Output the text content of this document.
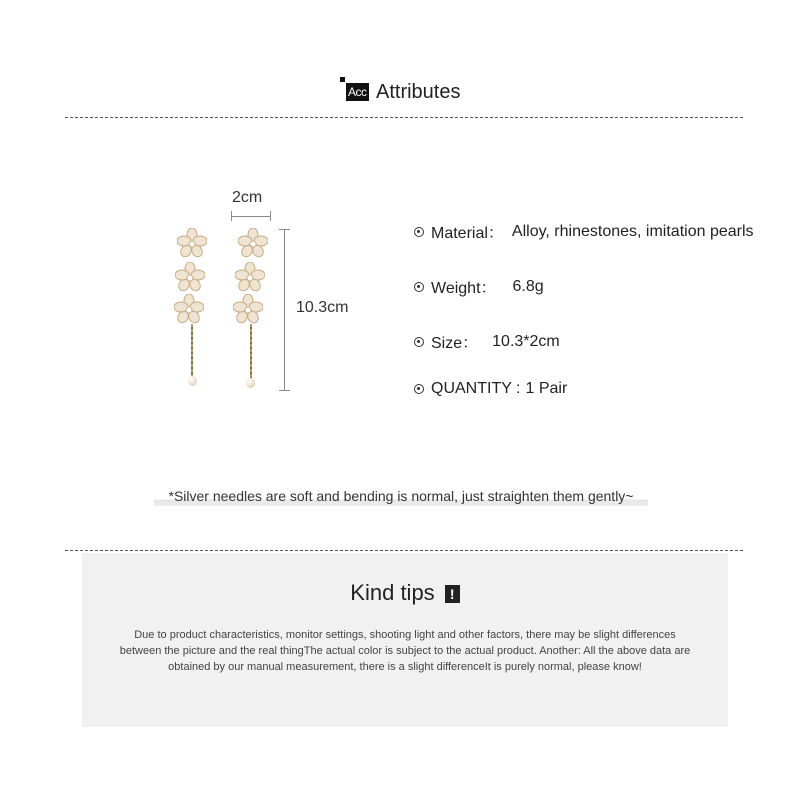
Acc Attributes
2cm
10.3cm
Material： Alloy, rhinestones, imitation pearls
Weight： 6.8g
Size： 10.3*2cm
QUANTITY : 1 Pair
*Silver needles are soft and bending is normal, just straighten them gently~
Kind tips !
Due to product characteristics, monitor settings, shooting light and other factors, there may be slight differences between the picture and the real thingThe actual color is subject to the actual product. Another: All the above data are obtained by our manual measurement, there is a slight differenceIt is purely normal, please know!
